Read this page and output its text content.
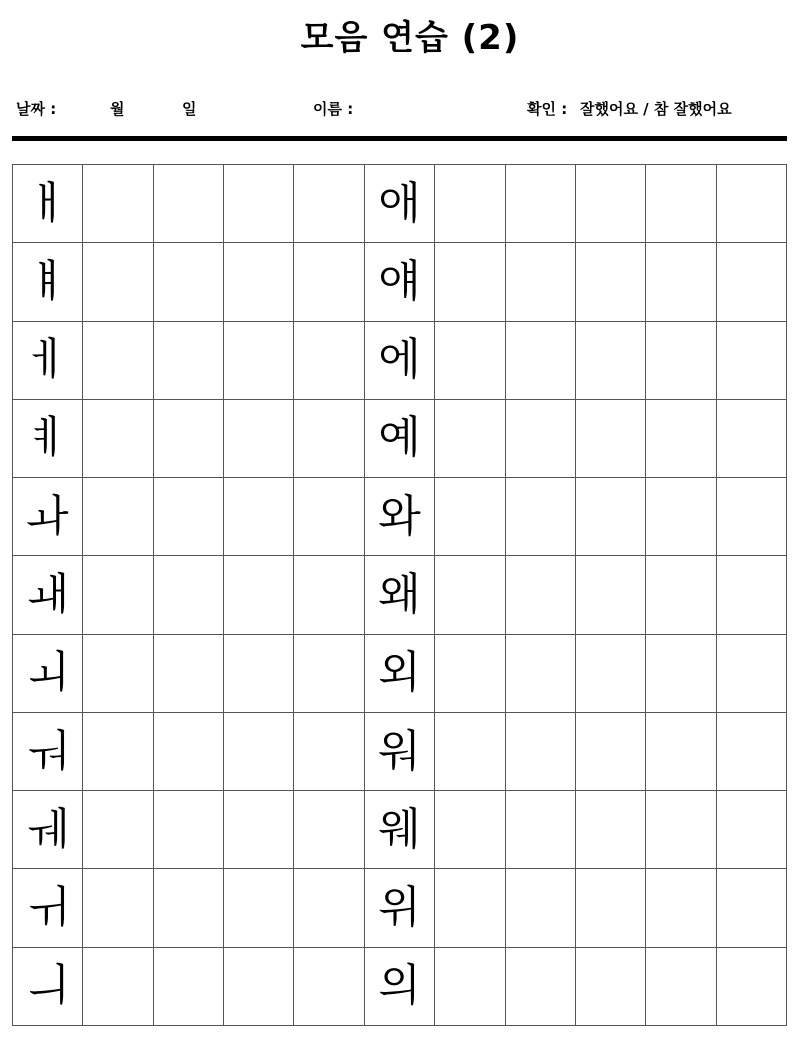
모음 연습 (2)
날짜 :	월	일	이름 :	확인 : 잘했어요 / 참 잘했어요
ㅐ	애
ㅒ	얘
ㅔ	에
ㅖ	예
ㅘ	와
ㅙ	왜
ㅚ	외
ㅝ	워
ㅞ	웨
ㅟ	위
ㅢ	의
